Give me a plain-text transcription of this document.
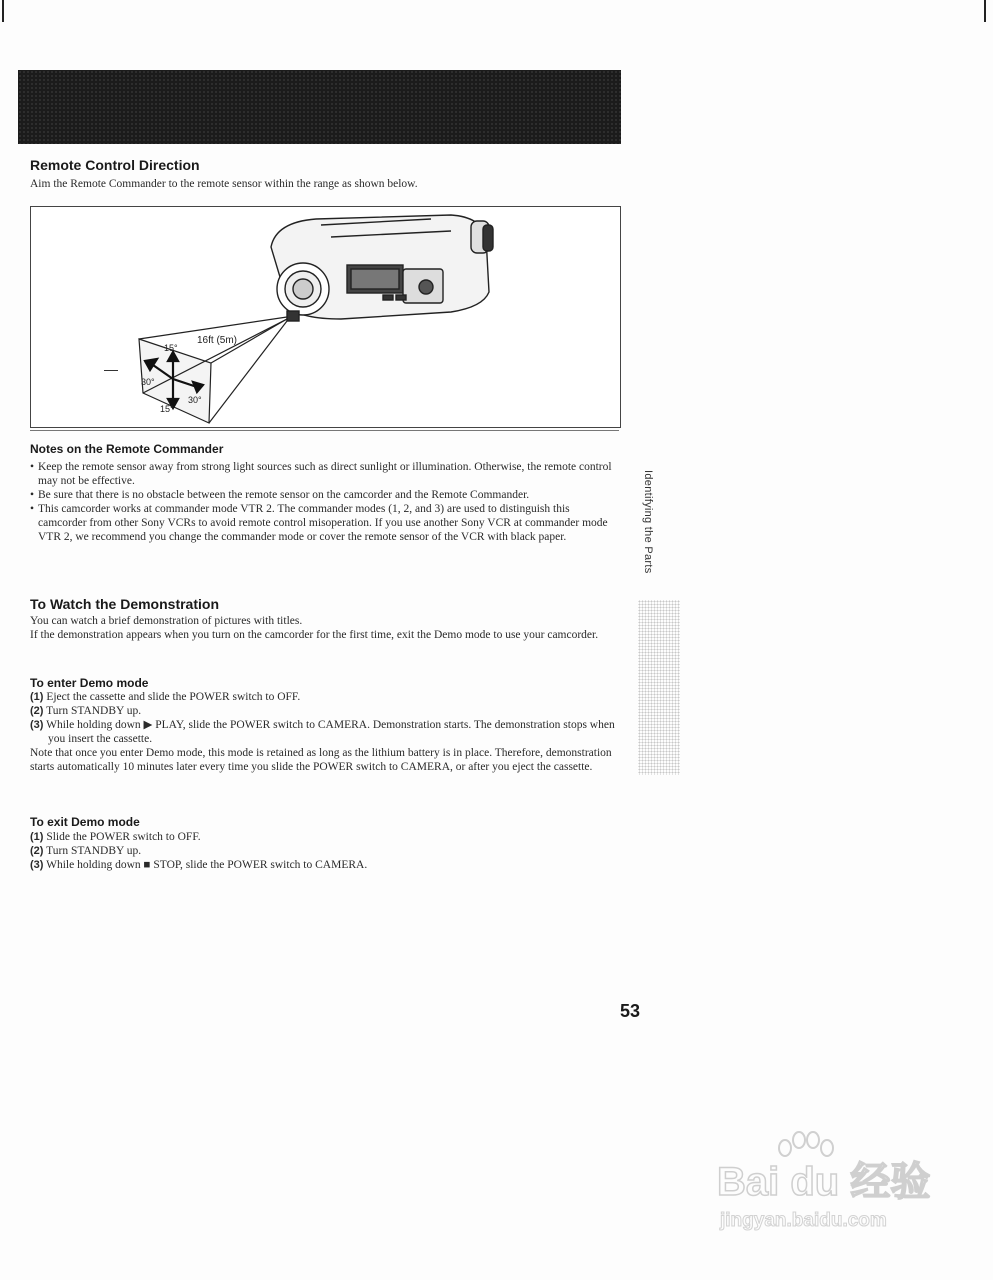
Remote Control Direction
Aim the Remote Commander to the remote sensor within the range as shown below.
16ft (5m)
15°
30°
30°
15°
Notes on the Remote Commander
• Keep the remote sensor away from strong light sources such as direct sunlight or illumination. Otherwise, the remote control may not be effective.
• Be sure that there is no obstacle between the remote sensor on the camcorder and the Remote Commander.
• This camcorder works at commander mode VTR 2. The commander modes (1, 2, and 3) are used to distinguish this camcorder from other Sony VCRs to avoid remote control misoperation. If you use another Sony VCR at commander mode VTR 2, we recommend you change the commander mode or cover the remote sensor of the VCR with black paper.
To Watch the Demonstration
You can watch a brief demonstration of pictures with titles.
If the demonstration appears when you turn on the camcorder for the first time, exit the Demo mode to use your camcorder.
To enter Demo mode
(1) Eject the cassette and slide the POWER switch to OFF.
(2) Turn STANDBY up.
(3) While holding down ▶ PLAY, slide the POWER switch to CAMERA. Demonstration starts. The demonstration stops when you insert the cassette.
Note that once you enter Demo mode, this mode is retained as long as the lithium battery is in place. Therefore, demonstration starts automatically 10 minutes later every time you slide the POWER switch to CAMERA, or after you eject the cassette.
To exit Demo mode
(1) Slide the POWER switch to OFF.
(2) Turn STANDBY up.
(3) While holding down ■ STOP, slide the POWER switch to CAMERA.
Identifying the Parts
53
Bai du 经验
jingyan.baidu.com
